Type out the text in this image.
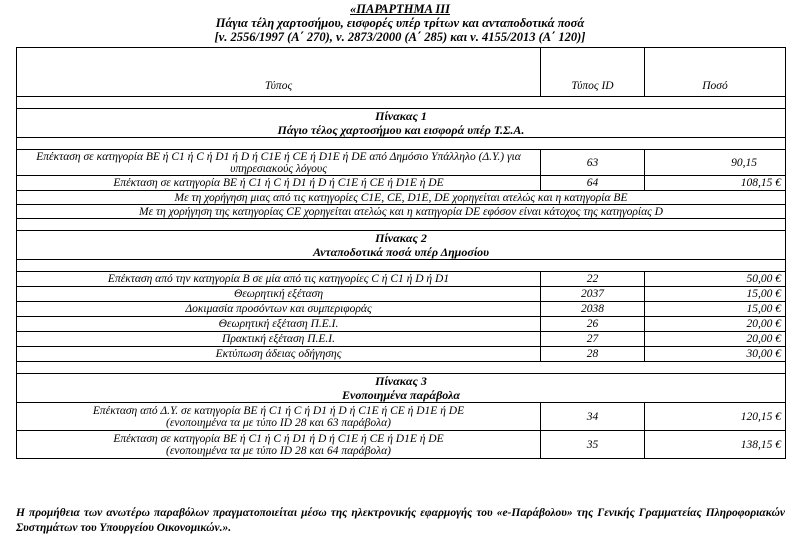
«ΠΑΡΑΡΤΗΜΑ III
Πάγια τέλη χαρτοσήμου, εισφορές υπέρ τρίτων και ανταποδοτικά ποσά
[ν. 2556/1997 (Α΄ 270), ν. 2873/2000 (Α΄ 285) και ν. 4155/2013 (Α΄ 120)]
Τύπος	Τύπος ID	Ποσό

Πίνακας 1
Πάγιο τέλος χαρτοσήμου και εισφορά υπέρ Τ.Σ.Α.		

Επέκταση σε κατηγορία BE ή C1 ή C ή D1 ή D ή C1E ή CE ή D1E ή DE από Δημόσιο Υπάλληλο (Δ.Υ.) για υπηρεσιακούς λόγους	63	90,15
Επέκταση σε κατηγορία BE ή C1 ή C ή D1 ή D ή C1E ή CE ή D1E ή DE	64	108,15 €
Με τη χορήγηση μιας από τις κατηγορίες C1E, CE, D1E, DE χορηγείται ατελώς και η κατηγορία BE		
Με τη χορήγηση της κατηγορίας CE χορηγείται ατελώς και η κατηγορία DE εφόσον είναι κάτοχος της κατηγορίας D		

Πίνακας 2
Ανταποδοτικά ποσά υπέρ Δημοσίου		

Επέκταση από την κατηγορία B σε μία από τις κατηγορίες C ή C1 ή D ή D1	22	50,00 €
Θεωρητική εξέταση	2037	15,00 €
Δοκιμασία προσόντων και συμπεριφοράς	2038	15,00 €
Θεωρητική εξέταση Π.Ε.Ι.	26	20,00 €
Πρακτική εξέταση Π.Ε.Ι.	27	20,00 €
Εκτύπωση άδειας οδήγησης	28	30,00 €

Πίνακας 3
Ενοποιημένα παράβολα		

Επέκταση από Δ.Υ. σε κατηγορία BE ή C1 ή C ή D1 ή D ή C1E ή CE ή D1E ή DE
(ενοποιημένα τα με τύπο ID 28 και 63 παράβολα)	34	120,15 €

Επέκταση σε κατηγορία BE ή C1 ή C ή D1 ή D ή C1E ή CE ή D1E ή DE
(ενοποιημένα τα με τύπο ID 28 και 64 παράβολα)	35	138,15 €
Η προμήθεια των ανωτέρω παραβόλων πραγματοποιείται μέσω της ηλεκτρονικής εφαρμογής του «e-Παράβολου» της Γενικής Γραμματείας Πληροφοριακών Συστημάτων του Υπουργείου Οικονομικών.».
